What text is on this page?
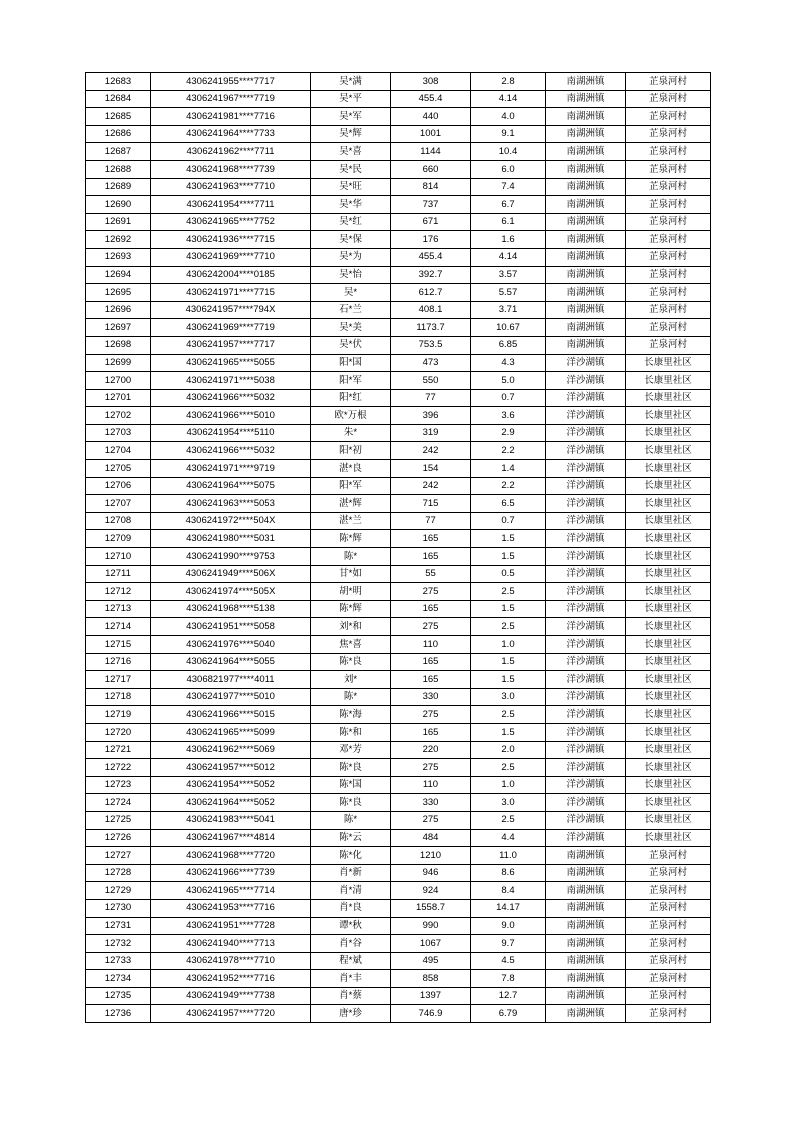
12683	4306241955****7717	吴*满	308	2.8	南湖洲镇	芷泉河村
12684	4306241967****7719	吴*平	455.4	4.14	南湖洲镇	芷泉河村
12685	4306241981****7716	吴*军	440	4.0	南湖洲镇	芷泉河村
12686	4306241964****7733	吴*辉	1001	9.1	南湖洲镇	芷泉河村
12687	4306241962****7711	吴*喜	1144	10.4	南湖洲镇	芷泉河村
12688	4306241968****7739	吴*民	660	6.0	南湖洲镇	芷泉河村
12689	4306241963****7710	吴*旺	814	7.4	南湖洲镇	芷泉河村
12690	4306241954****7711	吴*华	737	6.7	南湖洲镇	芷泉河村
12691	4306241965****7752	吴*红	671	6.1	南湖洲镇	芷泉河村
12692	4306241936****7715	吴*保	176	1.6	南湖洲镇	芷泉河村
12693	4306241969****7710	吴*为	455.4	4.14	南湖洲镇	芷泉河村
12694	4306242004****0185	吴*怡	392.7	3.57	南湖洲镇	芷泉河村
12695	4306241971****7715	吴*	612.7	5.57	南湖洲镇	芷泉河村
12696	4306241957****794X	石*兰	408.1	3.71	南湖洲镇	芷泉河村
12697	4306241969****7719	吴*美	1173.7	10.67	南湖洲镇	芷泉河村
12698	4306241957****7717	吴*伏	753.5	6.85	南湖洲镇	芷泉河村
12699	4306241965****5055	阳*国	473	4.3	洋沙湖镇	长康里社区
12700	4306241971****5038	阳*军	550	5.0	洋沙湖镇	长康里社区
12701	4306241966****5032	阳*红	77	0.7	洋沙湖镇	长康里社区
12702	4306241966****5010	欧*万根	396	3.6	洋沙湖镇	长康里社区
12703	4306241954****5110	朱*	319	2.9	洋沙湖镇	长康里社区
12704	4306241966****5032	阳*初	242	2.2	洋沙湖镇	长康里社区
12705	4306241971****9719	湛*良	154	1.4	洋沙湖镇	长康里社区
12706	4306241964****5075	阳*军	242	2.2	洋沙湖镇	长康里社区
12707	4306241963****5053	湛*辉	715	6.5	洋沙湖镇	长康里社区
12708	4306241972****504X	湛*兰	77	0.7	洋沙湖镇	长康里社区
12709	4306241980****5031	陈*辉	165	1.5	洋沙湖镇	长康里社区
12710	4306241990****9753	陈*	165	1.5	洋沙湖镇	长康里社区
12711	4306241949****506X	甘*如	55	0.5	洋沙湖镇	长康里社区
12712	4306241974****505X	胡*明	275	2.5	洋沙湖镇	长康里社区
12713	4306241968****5138	陈*辉	165	1.5	洋沙湖镇	长康里社区
12714	4306241951****5058	刘*和	275	2.5	洋沙湖镇	长康里社区
12715	4306241976****5040	焦*喜	110	1.0	洋沙湖镇	长康里社区
12716	4306241964****5055	陈*良	165	1.5	洋沙湖镇	长康里社区
12717	4306821977****4011	刘*	165	1.5	洋沙湖镇	长康里社区
12718	4306241977****5010	陈*	330	3.0	洋沙湖镇	长康里社区
12719	4306241966****5015	陈*海	275	2.5	洋沙湖镇	长康里社区
12720	4306241965****5099	陈*和	165	1.5	洋沙湖镇	长康里社区
12721	4306241962****5069	邓*芳	220	2.0	洋沙湖镇	长康里社区
12722	4306241957****5012	陈*良	275	2.5	洋沙湖镇	长康里社区
12723	4306241954****5052	陈*国	110	1.0	洋沙湖镇	长康里社区
12724	4306241964****5052	陈*良	330	3.0	洋沙湖镇	长康里社区
12725	4306241983****5041	陈*	275	2.5	洋沙湖镇	长康里社区
12726	4306241967****4814	陈*云	484	4.4	洋沙湖镇	长康里社区
12727	4306241968****7720	陈*化	1210	11.0	南湖洲镇	芷泉河村
12728	4306241966****7739	肖*新	946	8.6	南湖洲镇	芷泉河村
12729	4306241965****7714	肖*清	924	8.4	南湖洲镇	芷泉河村
12730	4306241953****7716	肖*良	1558.7	14.17	南湖洲镇	芷泉河村
12731	4306241951****7728	谭*秋	990	9.0	南湖洲镇	芷泉河村
12732	4306241940****7713	肖*谷	1067	9.7	南湖洲镇	芷泉河村
12733	4306241978****7710	程*斌	495	4.5	南湖洲镇	芷泉河村
12734	4306241952****7716	肖*丰	858	7.8	南湖洲镇	芷泉河村
12735	4306241949****7738	肖*蔡	1397	12.7	南湖洲镇	芷泉河村
12736	4306241957****7720	唐*珍	746.9	6.79	南湖洲镇	芷泉河村
